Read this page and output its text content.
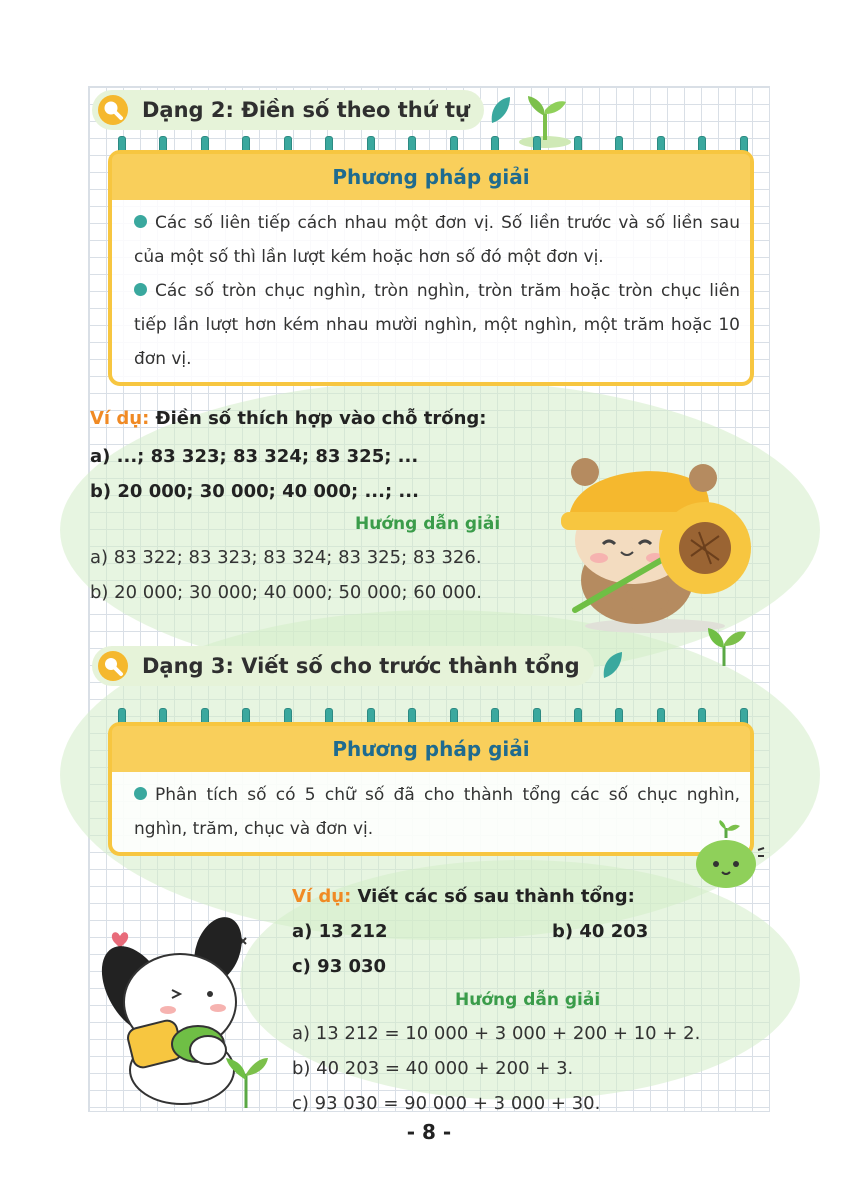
Dạng 2: Điền số theo thứ tự
Phương pháp giải
Các số liên tiếp cách nhau một đơn vị. Số liền trước và số liền sau của một số thì lần lượt kém hoặc hơn số đó một đơn vị.
Các số tròn chục nghìn, tròn nghìn, tròn trăm hoặc tròn chục liên tiếp lần lượt hơn kém nhau mười nghìn, một nghìn, một trăm hoặc 10 đơn vị.
Ví dụ: Điền số thích hợp vào chỗ trống:
a) ...; 83 323; 83 324; 83 325; ...
b) 20 000; 30 000; 40 000; ...; ...
Hướng dẫn giải
a) 83 322; 83 323; 83 324; 83 325; 83 326.
b) 20 000; 30 000; 40 000; 50 000; 60 000.
Dạng 3: Viết số cho trước thành tổng
Phương pháp giải
Phân tích số có 5 chữ số đã cho thành tổng các số chục nghìn, nghìn, trăm, chục và đơn vị.
Ví dụ: Viết các số sau thành tổng:
a) 13 212	b) 40 203
c) 93 030
Hướng dẫn giải
a) 13 212 = 10 000 + 3 000 + 200 + 10 + 2.
b) 40 203 = 40 000 + 200 + 3.
c) 93 030 = 90 000 + 3 000 + 30.
- 8 -
